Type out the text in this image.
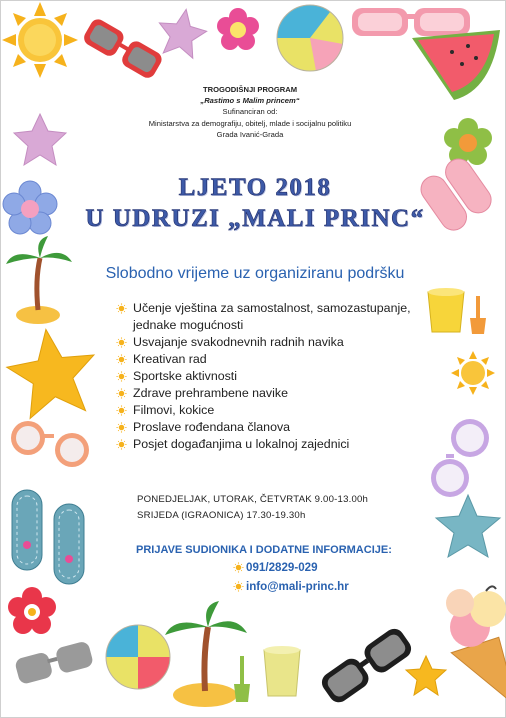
TROGODIŠNJI PROGRAM
„Rastimo s Malim princem“
Sufinanciran od:
Ministarstva za demografiju, obitelj, mlade i socijalnu politiku
Grada Ivanić-Grada
LJETO 2018
U UDRUZI „MALI PRINC“
Slobodno vrijeme uz organiziranu podršku
Učenje vještina za samostalnost, samozastupanje,
jednake mogućnosti
Usvajanje svakodnevnih radnih navika
Kreativan rad
Sportske aktivnosti
Zdrave prehrambene navike
Filmovi, kokice
Proslave rođendana članova
Posjet događanjima u lokalnoj zajednici
PONEDJELJAK, UTORAK, ČETVRTAK 9.00-13.00h
SRIJEDA (IGRAONICA) 17.30-19.30h
PRIJAVE SUDIONIKA I DODATNE INFORMACIJE:
091/2829-029
info@mali-princ.hr
